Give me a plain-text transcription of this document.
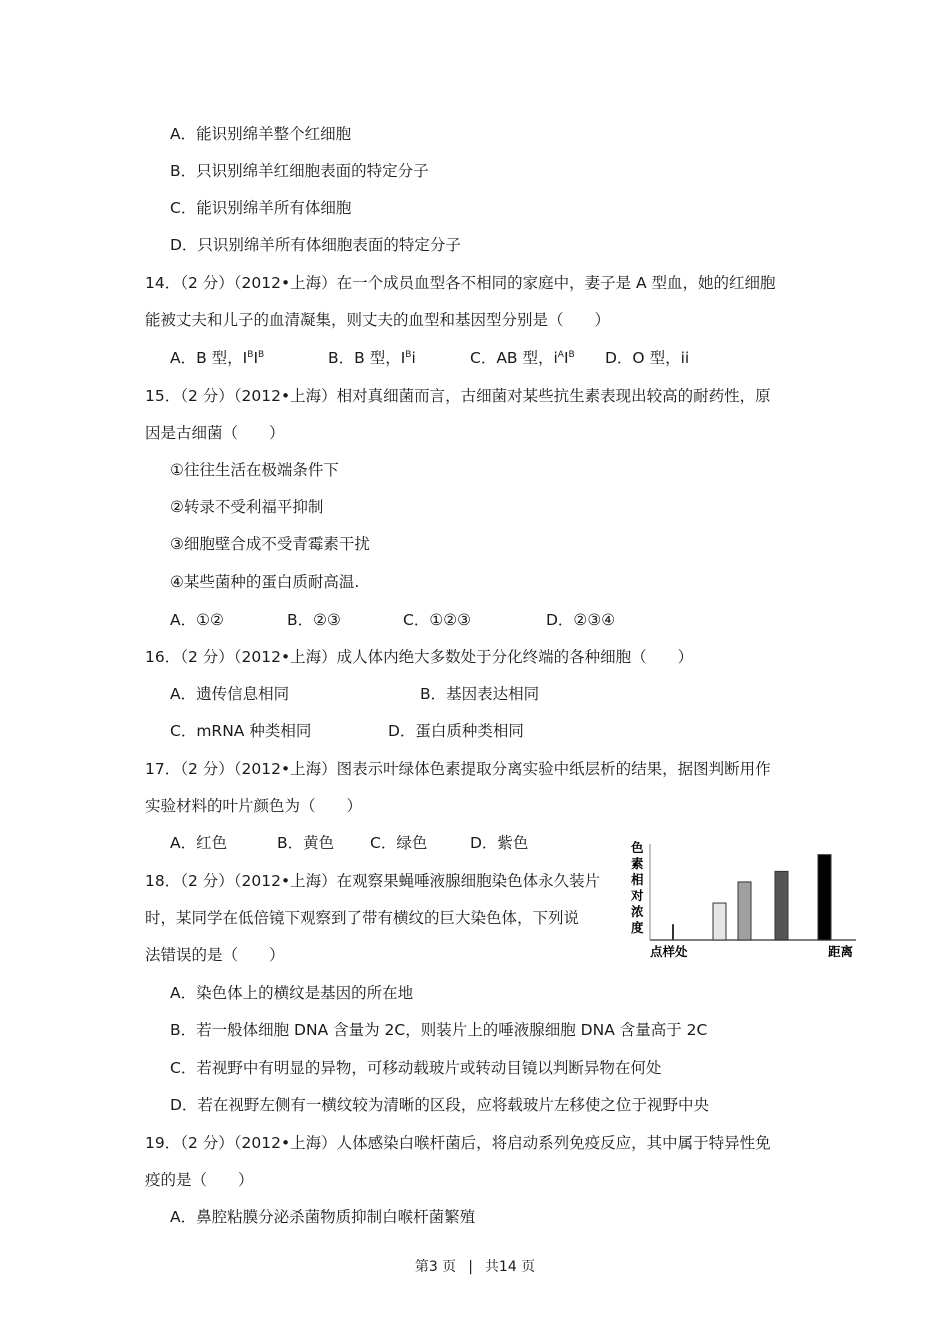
A．能识别绵羊整个红细胞
B．只识别绵羊红细胞表面的特定分子
C．能识别绵羊所有体细胞
D．只识别绵羊所有体细胞表面的特定分子
14．（2 分）（2012•上海）在一个成员血型各不相同的家庭中，妻子是 A 型血，她的红细胞
能被丈夫和儿子的血清凝集，则丈夫的血型和基因型分别是（　　）
A．B 型，$I^BI^B$	B．B 型，$I^Bi$	C．AB 型，$i^AI^B$ D．O 型，ii
15．（2 分）（2012•上海）相对真细菌而言，古细菌对某些抗生素表现出较高的耐药性，原
因是古细菌（　　）
①往往生活在极端条件下
②转录不受利福平抑制
③细胞壁合成不受青霉素干扰
④某些菌种的蛋白质耐高温.
A．①②	B．②③	C．①②③	D．②③④
16．（2 分）（2012•上海）成人体内绝大多数处于分化终端的各种细胞（　　）
A．遗传信息相同	B．基因表达相同
C．mRNA 种类相同	D．蛋白质种类相同
17．（2 分）（2012•上海）图表示叶绿体色素提取分离实验中纸层析的结果，据图判断用作
实验材料的叶片颜色为（　　）
A．红色	B．黄色 C．绿色	D．紫色	色
素
相
对
浓
度
点样处	距离
18．（2 分）（2012•上海）在观察果蝇唾液腺细胞染色体永久装片
时，某同学在低倍镜下观察到了带有横纹的巨大染色体，下列说
法错误的是（　　）
A．染色体上的横纹是基因的所在地
B．若一般体细胞 DNA 含量为 2C，则装片上的唾液腺细胞 DNA 含量高于 2C
C．若视野中有明显的异物，可移动载玻片或转动目镜以判断异物在何处
D．若在视野左侧有一横纹较为清晰的区段，应将载玻片左移使之位于视野中央
19．（2 分）（2012•上海）人体感染白喉杆菌后，将启动系列免疫反应，其中属于特异性免
疫的是（　　）
A．鼻腔粘膜分泌杀菌物质抑制白喉杆菌繁殖
第3 页 | 共14 页
